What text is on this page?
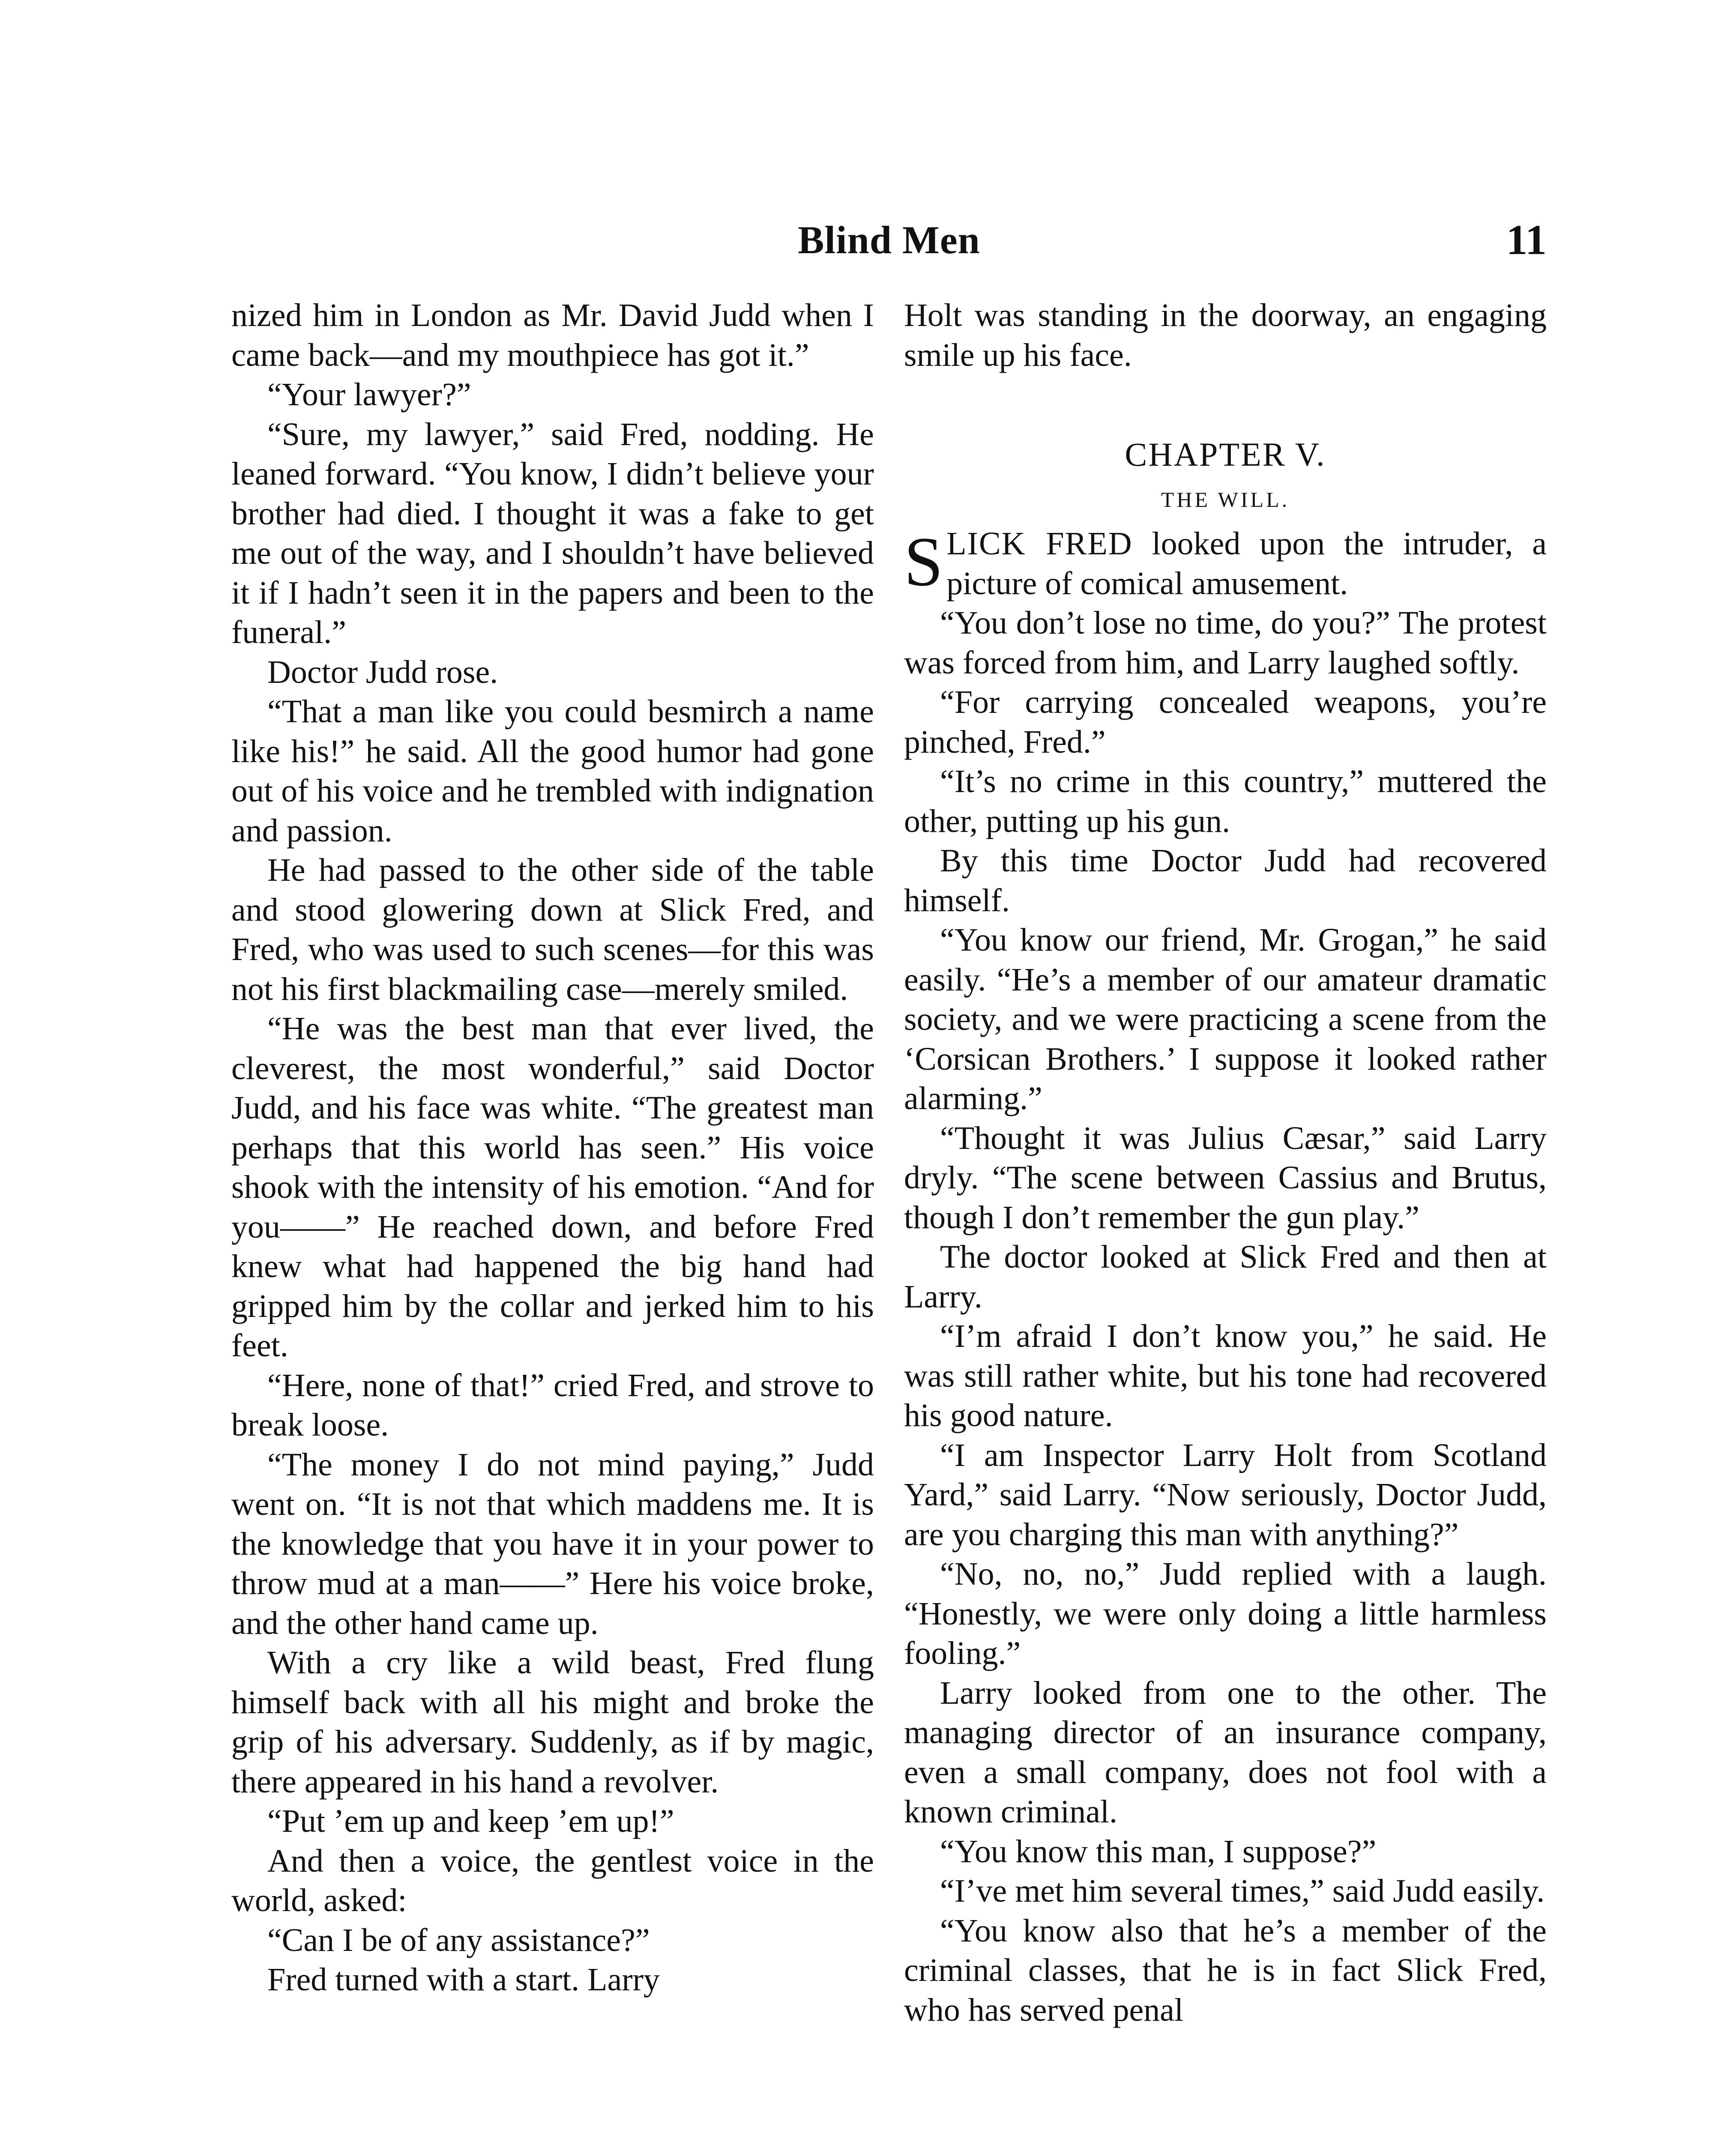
Blind Men	11

nized him in London as Mr. David Judd when I came back—and my mouthpiece has got it.”

“Your lawyer?”

“Sure, my lawyer,” said Fred, nodding. He leaned forward. “You know, I didn’t believe your brother had died. I thought it was a fake to get me out of the way, and I shouldn’t have believed it if I hadn’t seen it in the papers and been to the funeral.”

Doctor Judd rose.

“That a man like you could besmirch a name like his!” he said. All the good humor had gone out of his voice and he trembled with indignation and passion.

He had passed to the other side of the table and stood glowering down at Slick Fred, and Fred, who was used to such scenes—for this was not his first blackmailing case—merely smiled.

“He was the best man that ever lived, the cleverest, the most wonderful,” said Doctor Judd, and his face was white. “The greatest man perhaps that this world has seen.” His voice shook with the intensity of his emotion. “And for you——” He reached down, and before Fred knew what had happened the big hand had gripped him by the collar and jerked him to his feet.

“Here, none of that!” cried Fred, and strove to break loose.

“The money I do not mind paying,” Judd went on. “It is not that which maddens me. It is the knowledge that you have it in your power to throw mud at a man——” Here his voice broke, and the other hand came up.

With a cry like a wild beast, Fred flung himself back with all his might and broke the grip of his adversary. Suddenly, as if by magic, there appeared in his hand a revolver.

“Put ’em up and keep ’em up!”

And then a voice, the gentlest voice in the world, asked:

“Can I be of any assistance?”

Fred turned with a start. Larry

Holt was standing in the doorway, an engaging smile up his face.

CHAPTER V.
THE WILL.

SLICK FRED looked upon the intruder, a picture of comical amusement.

“You don’t lose no time, do you?” The protest was forced from him, and Larry laughed softly.

“For carrying concealed weapons, you’re pinched, Fred.”

“It’s no crime in this country,” muttered the other, putting up his gun.

By this time Doctor Judd had recovered himself.

“You know our friend, Mr. Grogan,” he said easily. “He’s a member of our amateur dramatic society, and we were practicing a scene from the ‘Corsican Brothers.’ I suppose it looked rather alarming.”

“Thought it was Julius Cæsar,” said Larry dryly. “The scene between Cassius and Brutus, though I don’t remember the gun play.”

The doctor looked at Slick Fred and then at Larry.

“I’m afraid I don’t know you,” he said. He was still rather white, but his tone had recovered his good nature.

“I am Inspector Larry Holt from Scotland Yard,” said Larry. “Now seriously, Doctor Judd, are you charging this man with anything?”

“No, no, no,” Judd replied with a laugh. “Honestly, we were only doing a little harmless fooling.”

Larry looked from one to the other. The managing director of an insurance company, even a small company, does not fool with a known criminal.

“You know this man, I suppose?”

“I’ve met him several times,” said Judd easily.

“You know also that he’s a member of the criminal classes, that he is in fact Slick Fred, who has served penal
